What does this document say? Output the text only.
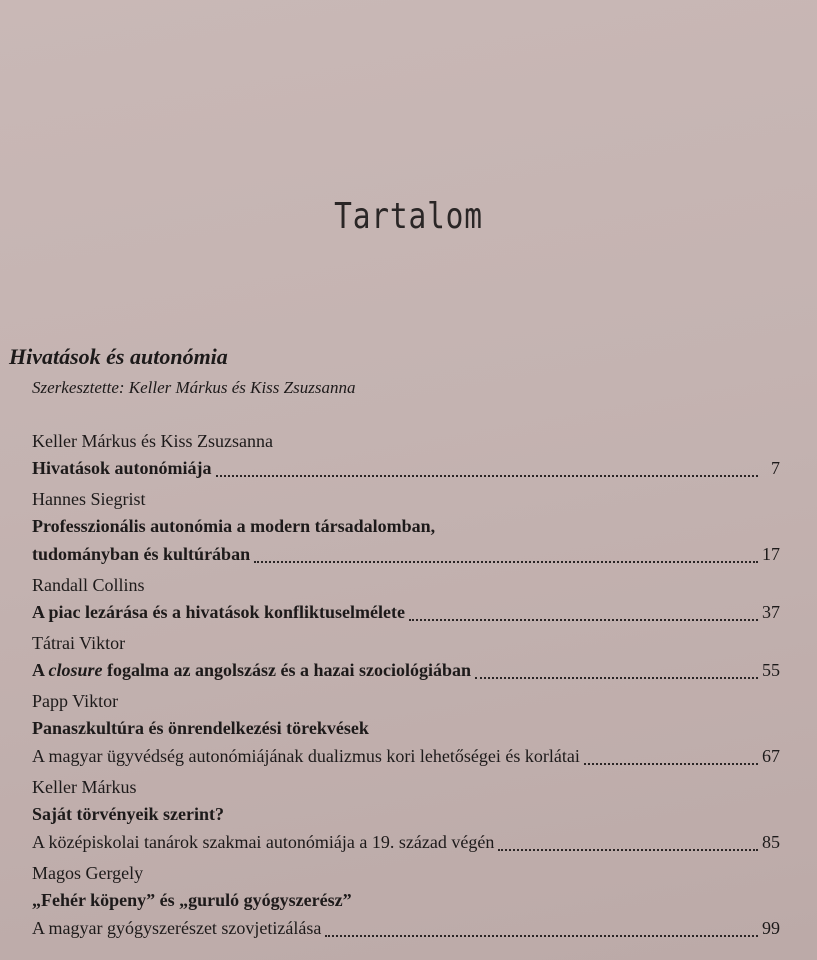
Tartalom
Hivatások és autonómia
Szerkesztette: Keller Márkus és Kiss Zsuzsanna
Keller Márkus és Kiss Zsuzsanna
Hivatások autonómiája	7
Hannes Siegrist
Professzionális autonómia a modern társadalomban,
tudományban és kultúrában	17
Randall Collins
A piac lezárása és a hivatások konfliktuselmélete	37
Tátrai Viktor
A closure fogalma az angolszász és a hazai szociológiában	55
Papp Viktor
Panaszkultúra és önrendelkezési törekvések
A magyar ügyvédség autonómiájának dualizmus kori lehetőségei és korlátai	67
Keller Márkus
Saját törvényeik szerint?
A középiskolai tanárok szakmai autonómiája a 19. század végén	85
Magos Gergely
„Fehér köpeny” és „guruló gyógyszerész”
A magyar gyógyszerészet szovjetizálása	99
